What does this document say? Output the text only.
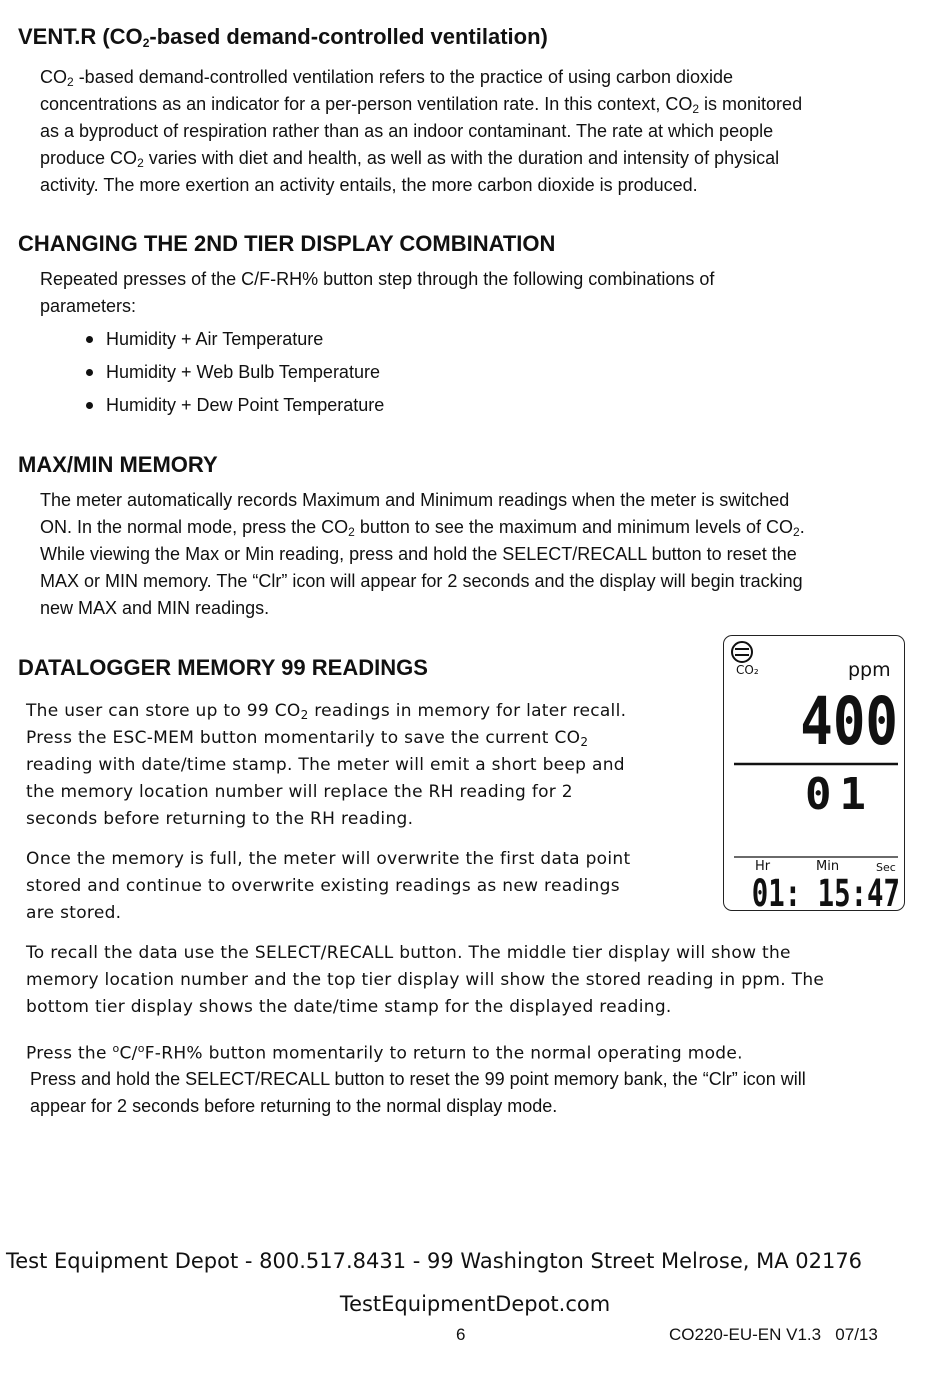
VENT.R ($CO_2$-based demand-controlled ventilation)
$CO_2$ -based demand-controlled ventilation refers to the practice of using carbon dioxide
concentrations as an indicator for a per-person ventilation rate. In this context, $CO_2$ is monitored
as a byproduct of respiration rather than as an indoor contaminant. The rate at which people
produce $CO_2$ varies with diet and health, as well as with the duration and intensity of physical
activity. The more exertion an activity entails, the more carbon dioxide is produced.
CHANGING THE 2ND TIER DISPLAY COMBINATION
Repeated presses of the C/F-RH% button step through the following combinations of
parameters:
Humidity + Air Temperature
Humidity + Web Bulb Temperature
Humidity + Dew Point Temperature
MAX/MIN MEMORY
The meter automatically records Maximum and Minimum readings when the meter is switched
ON. In the normal mode, press the $CO_2$ button to see the maximum and minimum levels of $CO_2$.
While viewing the Max or Min reading, press and hold the SELECT/RECALL button to reset the
MAX or MIN memory. The “Clr” icon will appear for 2 seconds and the display will begin tracking
new MAX and MIN readings.
DATALOGGER MEMORY 99 READINGS
The user can store up to 99 $CO_2$ readings in memory for later recall.
Press the ESC-MEM button momentarily to save the current $CO_2$
reading with date/time stamp. The meter will emit a short beep and
the memory location number will replace the RH reading for 2
seconds before returning to the RH reading.
Once the memory is full, the meter will overwrite the first data point
stored and continue to overwrite existing readings as new readings
are stored.
To recall the data use the SELECT/RECALL button. The middle tier display will show the
memory location number and the top tier display will show the stored reading in ppm. The
bottom tier display shows the date/time stamp for the displayed reading.
Press the $^o$C/$^o$F-RH% button momentarily to return to the normal operating mode.
Press and hold the SELECT/RECALL button to reset the 99 point memory bank, the “Clr” icon will
appear for 2 seconds before returning to the normal display mode.
CO₂	ppm
400
01
Hr	Min	Sec
01: 15:47
Test Equipment Depot - 800.517.8431 - 99 Washington Street Melrose, MA 02176
TestEquipmentDepot.com
6	CO220-EU-EN V1.3   07/13
